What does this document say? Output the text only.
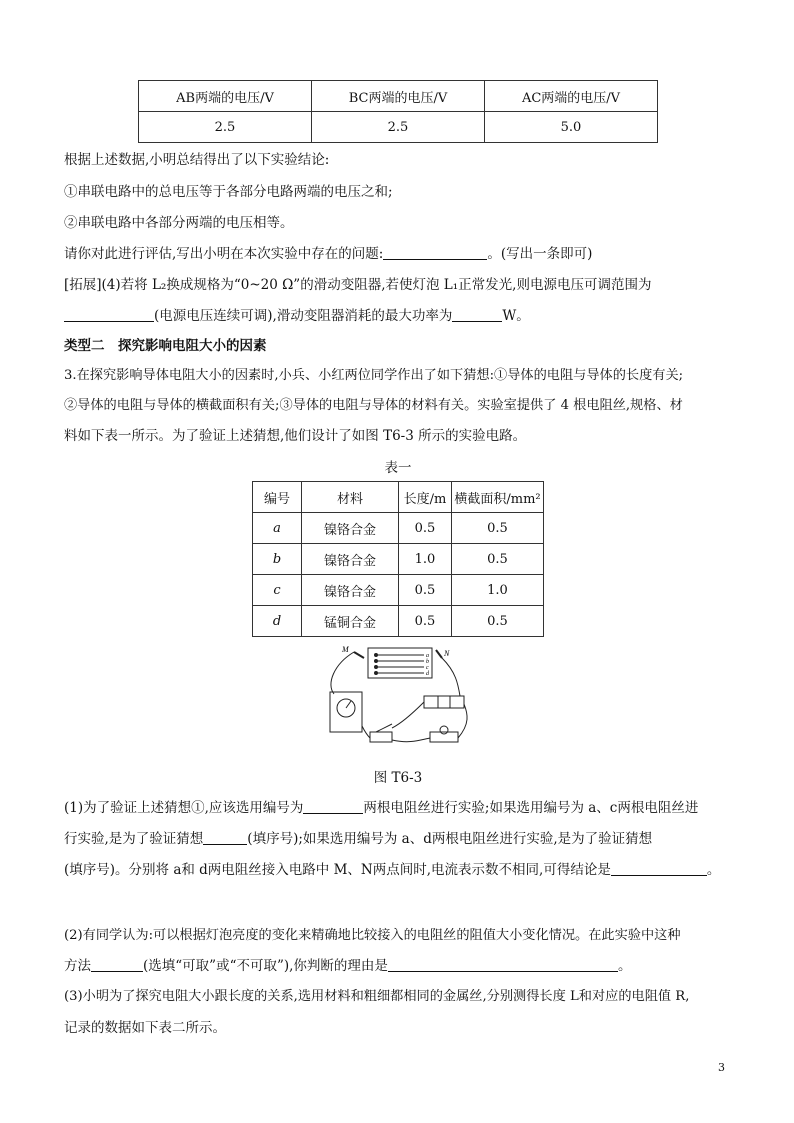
AB两端的电压/V	BC两端的电压/V	AC两端的电压/V
2.5	2.5	5.0
根据上述数据,小明总结得出了以下实验结论:
①串联电路中的总电压等于各部分电路两端的电压之和;
②串联电路中各部分两端的电压相等。
请你对此进行评估,写出小明在本次实验中存在的问题:	。(写出一条即可)
[拓展](4)若将 L₂换成规格为“0~20 Ω”的滑动变阻器,若使灯泡 L₁正常发光,则电源电压可调范围为
(电源电压连续可调),滑动变阻器消耗的最大功率为	W。
类型二　探究影响电阻大小的因素
3.在探究影响导体电阻大小的因素时,小兵、小红两位同学作出了如下猜想:①导体的电阻与导体的长度有关;
②导体的电阻与导体的横截面积有关;③导体的电阻与导体的材料有关。实验室提供了 4 根电阻丝,规格、材
料如下表一所示。为了验证上述猜想,他们设计了如图 T6-3 所示的实验电路。
表一
编号	材料	长度/m	横截面积/mm²
a	镍铬合金	0.5	0.5
b	镍铬合金	1.0	0.5
c	镍铬合金	0.5	1.0
d	锰铜合金	0.5	0.5
M	N
a
b
c
d
图 T6-3
(1)为了验证上述猜想①,应该选用编号为	两根电阻丝进行实验;如果选用编号为 a、c两根电阻丝进
行实验,是为了验证猜想	(填序号);如果选用编号为 a、d两根电阻丝进行实验,是为了验证猜想
(填序号)。分别将 a和 d两电阻丝接入电路中 M、N两点间时,电流表示数不相同,可得结论是	。
(2)有同学认为:可以根据灯泡亮度的变化来精确地比较接入的电阻丝的阻值大小变化情况。在此实验中这种
方法	(选填“可取”或“不可取”),你判断的理由是	。
(3)小明为了探究电阻大小跟长度的关系,选用材料和粗细都相同的金属丝,分别测得长度 L和对应的电阻值 R,
记录的数据如下表二所示。
3
